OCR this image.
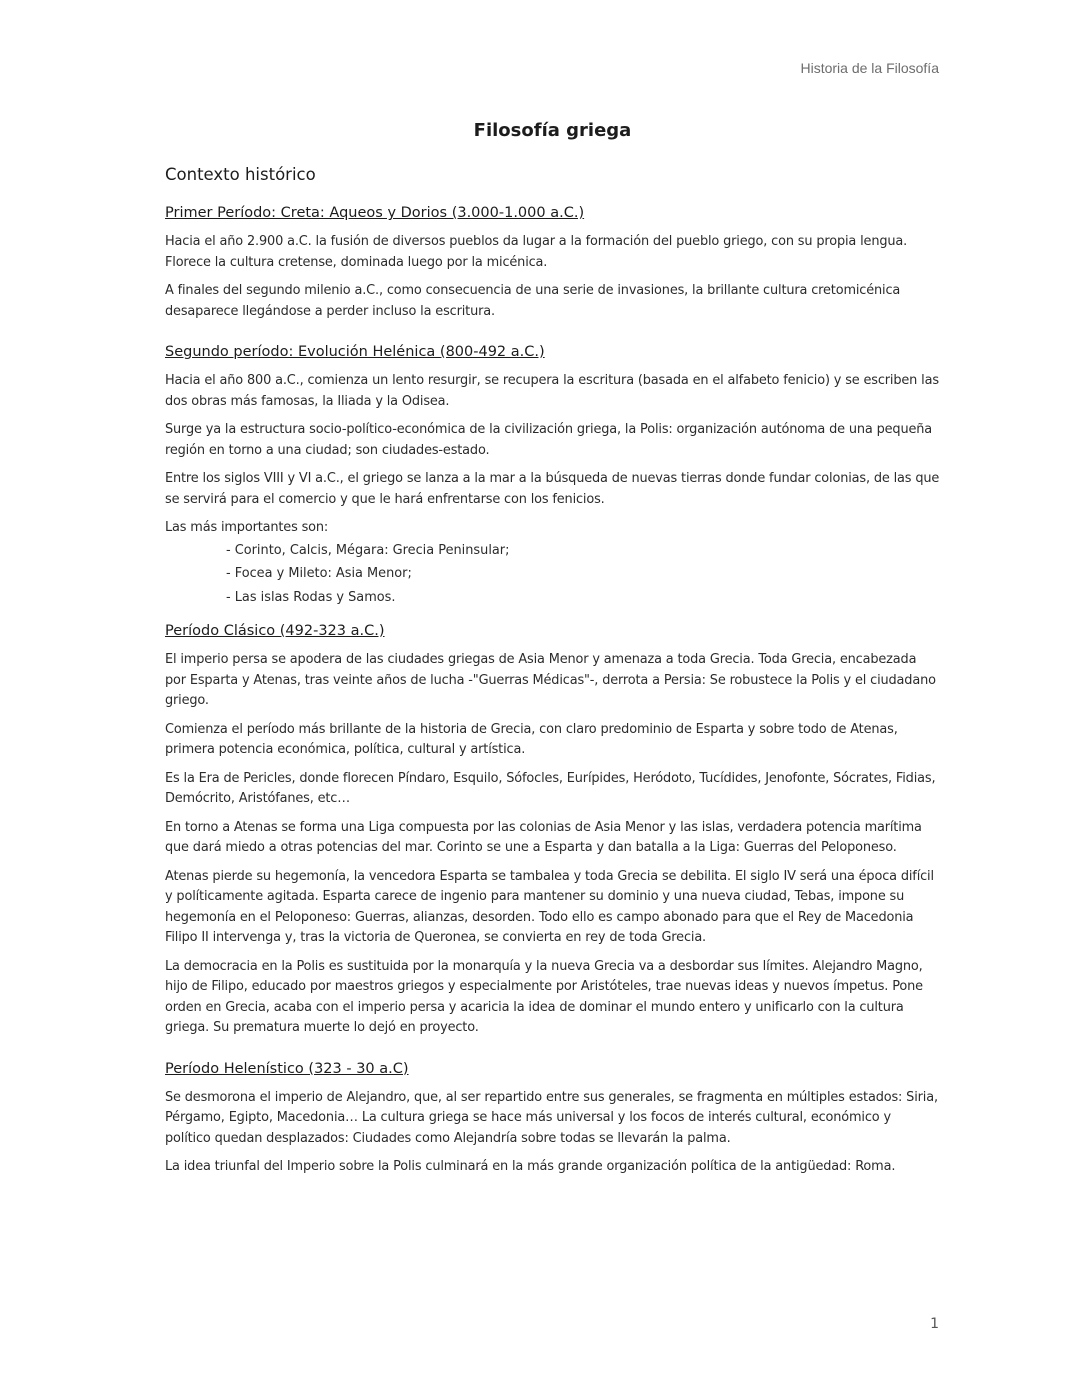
Historia de la Filosofía
Filosofía griega
Contexto histórico
Primer Período: Creta: Aqueos y Dorios (3.000-1.000 a.C.)

Hacia el año 2.900 a.C. la fusión de diversos pueblos da lugar a la formación del pueblo griego, con su propia lengua. Florece la cultura cretense, dominada luego por la micénica.

A finales del segundo milenio a.C., como consecuencia de una serie de invasiones, la brillante cultura cretomicénica desaparece llegándose a perder incluso la escritura.

Segundo período: Evolución Helénica (800-492 a.C.)

Hacia el año 800 a.C., comienza un lento resurgir, se recupera la escritura (basada en el alfabeto fenicio) y se escriben las dos obras más famosas, la Iliada y la Odisea.

Surge ya la estructura socio-político-económica de la civilización griega, la Polis: organización autónoma de una pequeña región en torno a una ciudad; son ciudades-estado.

Entre los siglos VIII y VI a.C., el griego se lanza a la mar a la búsqueda de nuevas tierras donde fundar colonias, de las que se servirá para el comercio y que le hará enfrentarse con los fenicios.

Las más importantes son:

- Corinto, Calcis, Mégara: Grecia Peninsular;
- Focea y Mileto: Asia Menor;
- Las islas Rodas y Samos.
Período Clásico (492-323 a.C.)

El imperio persa se apodera de las ciudades griegas de Asia Menor y amenaza a toda Grecia. Toda Grecia, encabezada por Esparta y Atenas, tras veinte años de lucha -"Guerras Médicas"-, derrota a Persia: Se robustece la Polis y el ciudadano griego.

Comienza el período más brillante de la historia de Grecia, con claro predominio de Esparta y sobre todo de Atenas, primera potencia económica, política, cultural y artística.

Es la Era de Pericles, donde florecen Píndaro, Esquilo, Sófocles, Eurípides, Heródoto, Tucídides, Jenofonte, Sócrates, Fidias, Demócrito, Aristófanes, etc…

En torno a Atenas se forma una Liga compuesta por las colonias de Asia Menor y las islas, verdadera potencia marítima que dará miedo a otras potencias del mar. Corinto se une a Esparta y dan batalla a la Liga: Guerras del Peloponeso.

Atenas pierde su hegemonía, la vencedora Esparta se tambalea y toda Grecia se debilita. El siglo IV será una época difícil y políticamente agitada. Esparta carece de ingenio para mantener su dominio y una nueva ciudad, Tebas, impone su hegemonía en el Peloponeso: Guerras, alianzas, desorden. Todo ello es campo abonado para que el Rey de Macedonia Filipo II intervenga y, tras la victoria de Queronea, se convierta en rey de toda Grecia.

La democracia en la Polis es sustituida por la monarquía y la nueva Grecia va a desbordar sus límites. Alejandro Magno, hijo de Filipo, educado por maestros griegos y especialmente por Aristóteles, trae nuevas ideas y nuevos ímpetus. Pone orden en Grecia, acaba con el imperio persa y acaricia la idea de dominar el mundo entero y unificarlo con la cultura griega. Su prematura muerte lo dejó en proyecto.

Período Helenístico (323 - 30 a.C)

Se desmorona el imperio de Alejandro, que, al ser repartido entre sus generales, se fragmenta en múltiples estados: Siria, Pérgamo, Egipto, Macedonia… La cultura griega se hace más universal y los focos de interés cultural, económico y político quedan desplazados: Ciudades como Alejandría sobre todas se llevarán la palma.

La idea triunfal del Imperio sobre la Polis culminará en la más grande organización política de la antigüedad: Roma.

1
